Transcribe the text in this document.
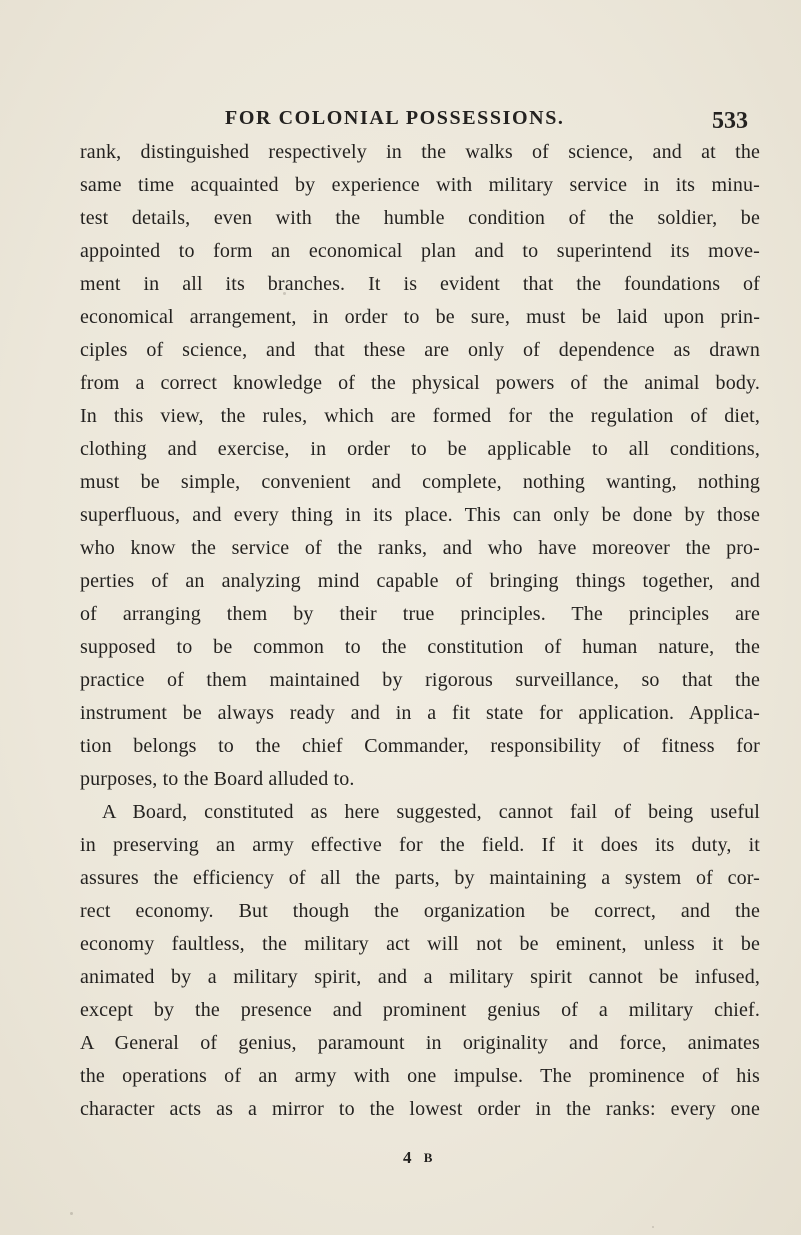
FOR COLONIAL POSSESSIONS.	533
rank, distinguished respectively in the walks of science, and at the
same time acquainted by experience with military service in its minu-
test details, even with the humble condition of the soldier, be
appointed to form an economical plan and to superintend its move-
ment in all its branches. It is evident that the foundations of
economical arrangement, in order to be sure, must be laid upon prin-
ciples of science, and that these are only of dependence as drawn
from a correct knowledge of the physical powers of the animal body.
In this view, the rules, which are formed for the regulation of diet,
clothing and exercise, in order to be applicable to all conditions,
must be simple, convenient and complete, nothing wanting, nothing
superfluous, and every thing in its place. This can only be done by those
who know the service of the ranks, and who have moreover the pro-
perties of an analyzing mind capable of bringing things together, and
of arranging them by their true principles. The principles are
supposed to be common to the constitution of human nature, the
practice of them maintained by rigorous surveillance, so that the
instrument be always ready and in a fit state for application. Applica-
tion belongs to the chief Commander, responsibility of fitness for
purposes, to the Board alluded to.
A Board, constituted as here suggested, cannot fail of being useful
in preserving an army effective for the field. If it does its duty, it
assures the efficiency of all the parts, by maintaining a system of cor-
rect economy. But though the organization be correct, and the
economy faultless, the military act will not be eminent, unless it be
animated by a military spirit, and a military spirit cannot be infused,
except by the presence and prominent genius of a military chief.
A General of genius, paramount in originality and force, animates
the operations of an army with one impulse. The prominence of his
character acts as a mirror to the lowest order in the ranks: every one
4 B
